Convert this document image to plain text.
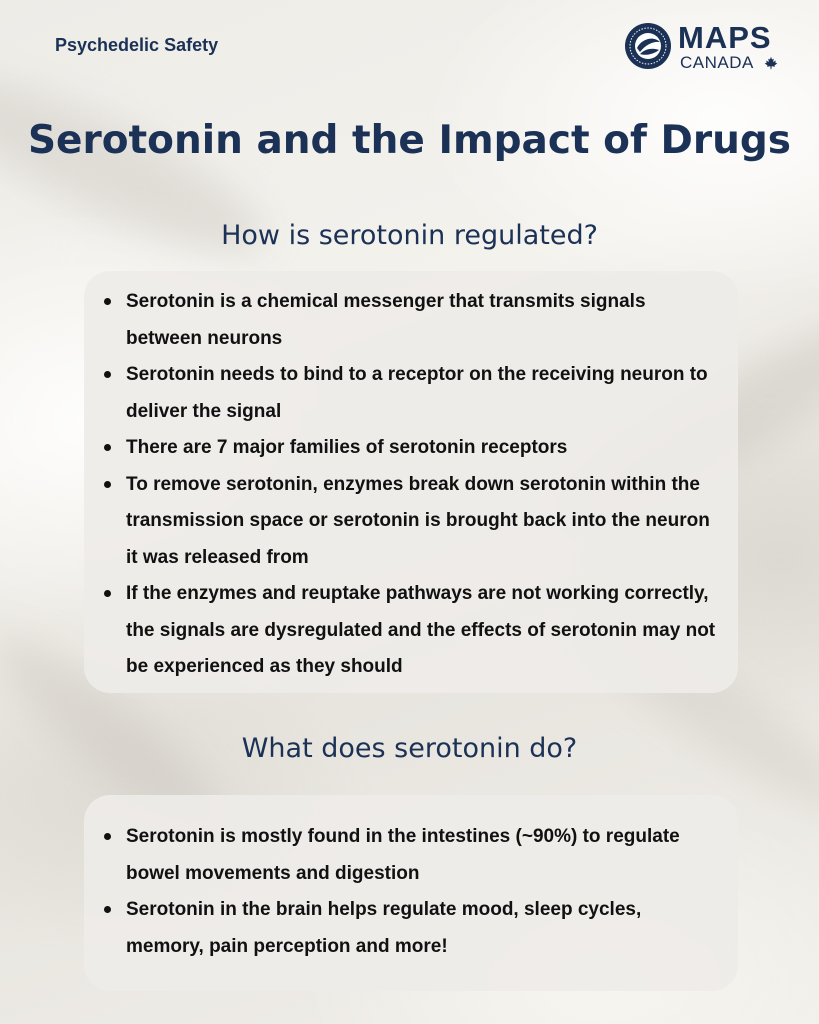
Psychedelic Safety	MAPS
CANADA
Serotonin and the Impact of Drugs
How is serotonin regulated?
Serotonin is a chemical messenger that transmits signals between neurons
Serotonin needs to bind to a receptor on the receiving neuron to deliver the signal
There are 7 major families of serotonin receptors
To remove serotonin, enzymes break down serotonin within the transmission space or serotonin is brought back into the neuron it was released from
If the enzymes and reuptake pathways are not working correctly, the signals are dysregulated and the effects of serotonin may not be experienced as they should
What does serotonin do?
Serotonin is mostly found in the intestines (~90%) to regulate bowel movements and digestion
Serotonin in the brain helps regulate mood, sleep cycles, memory, pain perception and more!
